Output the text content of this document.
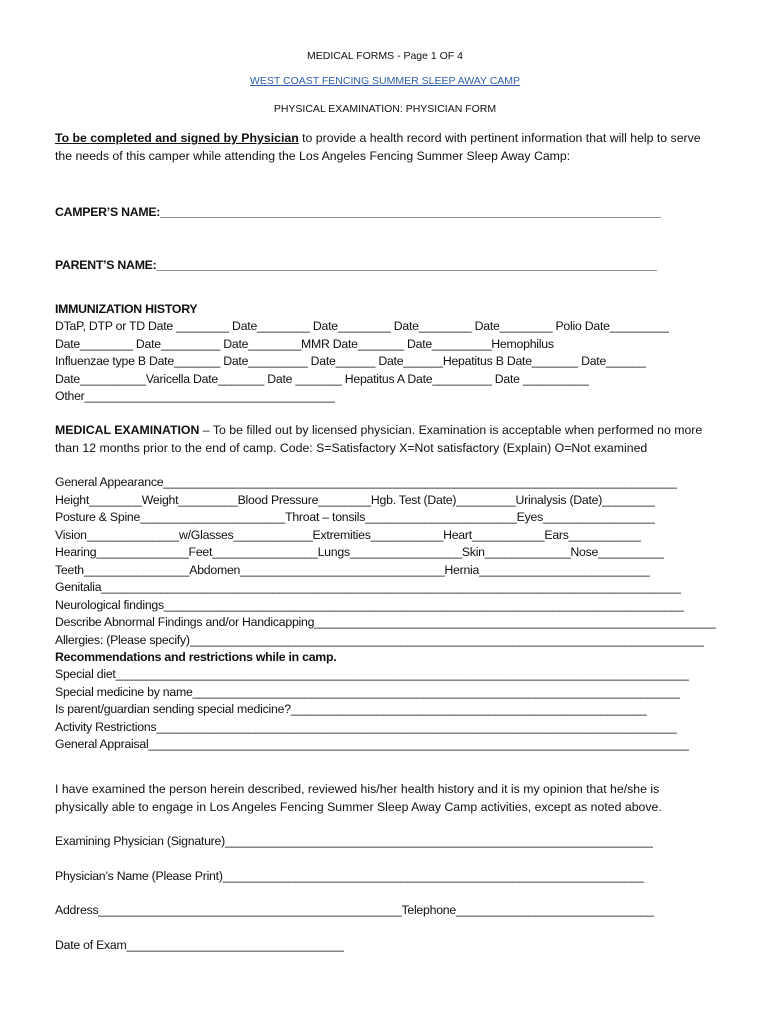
MEDICAL FORMS - Page 1 OF 4
WEST COAST FENCING SUMMER SLEEP AWAY CAMP
PHYSICAL EXAMINATION: PHYSICIAN FORM
To be completed and signed by Physician to provide a health record with pertinent information that will help to serve the needs of this camper while attending the Los Angeles Fencing Summer Sleep Away Camp:
CAMPER’S NAME:____________________________________________________________________________
PARENT’S NAME:____________________________________________________________________________
IMMUNIZATION HISTORY
DTaP, DTP or TD Date ________ Date________ Date________ Date________ Date________ Polio Date_________
Date________ Date_________ Date________MMR Date_______ Date_________Hemophilus
Influenzae type B Date_______ Date_________ Date______ Date______Hepatitus B Date_______ Date______
Date__________Varicella Date_______ Date _______ Hepatitus A Date_________ Date __________
Other______________________________________
MEDICAL EXAMINATION – To be filled out by licensed physician. Examination is acceptable when performed no more than 12 months prior to the end of camp. Code: S=Satisfactory X=Not satisfactory (Explain) O=Not examined
General Appearance______________________________________________________________________________
Height________Weight_________Blood Pressure________Hgb. Test (Date)_________Urinalysis (Date)________
Posture & Spine______________________Throat – tonsils_______________________Eyes_________________
Vision______________w/Glasses____________Extremities___________Heart___________Ears___________
Hearing______________Feet________________Lungs_________________Skin_____________Nose__________
Teeth________________Abdomen_______________________________Hernia__________________________
Genitalia________________________________________________________________________________________
Neurological findings_______________________________________________________________________________
Describe Abnormal Findings and/or Handicapping_____________________________________________________________
Allergies: (Please specify)______________________________________________________________________________
Recommendations and restrictions while in camp.
Special diet_______________________________________________________________________________________
Special medicine by name__________________________________________________________________________
Is parent/guardian sending special medicine?______________________________________________________
Activity Restrictions_______________________________________________________________________________
General Appraisal__________________________________________________________________________________
I have examined the person herein described, reviewed his/her health history and it is my opinion that he/she is physically able to engage in Los Angeles Fencing Summer Sleep Away Camp activities, except as noted above.
Examining Physician (Signature)_________________________________________________________________
Physician’s Name (Please Print)________________________________________________________________
Address______________________________________________Telephone______________________________
Date of Exam_________________________________
